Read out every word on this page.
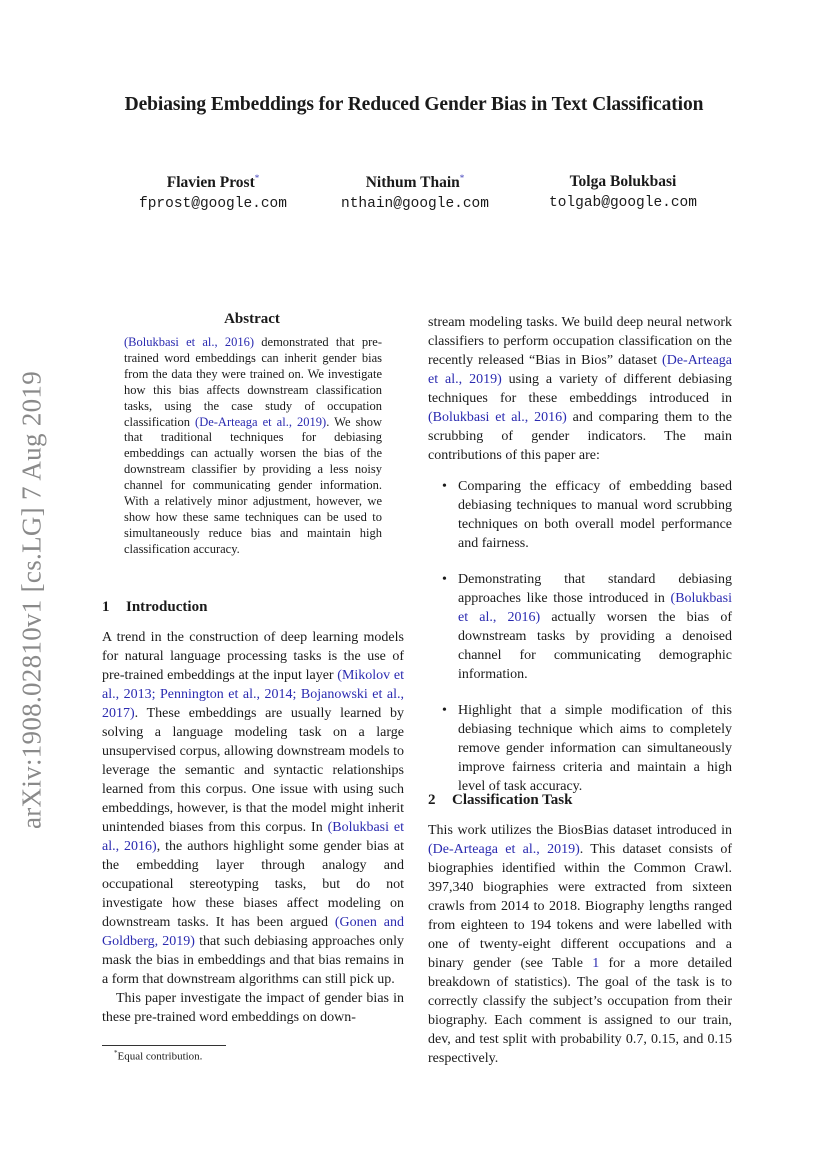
Debiasing Embeddings for Reduced Gender Bias in Text Classification
Flavien Prost*
fprost@google.com
Nithum Thain*
nthain@google.com
Tolga Bolukbasi
tolgab@google.com
arXiv:1908.02810v1 [cs.LG] 7 Aug 2019
Abstract
(Bolukbasi et al., 2016) demonstrated that pre-trained word embeddings can inherit gender bias from the data they were trained on. We investigate how this bias affects downstream classification tasks, using the case study of occupation classification (De-Arteaga et al., 2019). We show that traditional techniques for debiasing embeddings can actually worsen the bias of the downstream classifier by providing a less noisy channel for communicating gender information. With a relatively minor adjustment, however, we show how these same techniques can be used to simultaneously reduce bias and maintain high classification accuracy.
1 Introduction

A trend in the construction of deep learning models for natural language processing tasks is the use of pre-trained embeddings at the input layer (Mikolov et al., 2013; Pennington et al., 2014; Bojanowski et al., 2017). These embeddings are usually learned by solving a language modeling task on a large unsupervised corpus, allowing downstream models to leverage the semantic and syntactic relationships learned from this corpus. One issue with using such embeddings, however, is that the model might inherit unintended biases from this corpus. In (Bolukbasi et al., 2016), the authors highlight some gender bias at the embedding layer through analogy and occupational stereotyping tasks, but do not investigate how these biases affect modeling on downstream tasks. It has been argued (Gonen and Goldberg, 2019) that such debiasing approaches only mask the bias in embeddings and that bias remains in a form that downstream algorithms can still pick up.

This paper investigate the impact of gender bias in these pre-trained word embeddings on down-

*Equal contribution.

stream modeling tasks. We build deep neural network classifiers to perform occupation classification on the recently released “Bias in Bios” dataset (De-Arteaga et al., 2019) using a variety of different debiasing techniques for these embeddings introduced in (Bolukbasi et al., 2016) and comparing them to the scrubbing of gender indicators. The main contributions of this paper are:

• Comparing the efficacy of embedding based debiasing techniques to manual word scrubbing techniques on both overall model performance and fairness.
• Demonstrating that standard debiasing approaches like those introduced in (Bolukbasi et al., 2016) actually worsen the bias of downstream tasks by providing a denoised channel for communicating demographic information.
• Highlight that a simple modification of this debiasing technique which aims to completely remove gender information can simultaneously improve fairness criteria and maintain a high level of task accuracy.
2 Classification Task

This work utilizes the BiosBias dataset introduced in (De-Arteaga et al., 2019). This dataset consists of biographies identified within the Common Crawl. 397,340 biographies were extracted from sixteen crawls from 2014 to 2018. Biography lengths ranged from eighteen to 194 tokens and were labelled with one of twenty-eight different occupations and a binary gender (see Table 1 for a more detailed breakdown of statistics). The goal of the task is to correctly classify the subject’s occupation from their biography. Each comment is assigned to our train, dev, and test split with probability 0.7, 0.15, and 0.15 respectively.
